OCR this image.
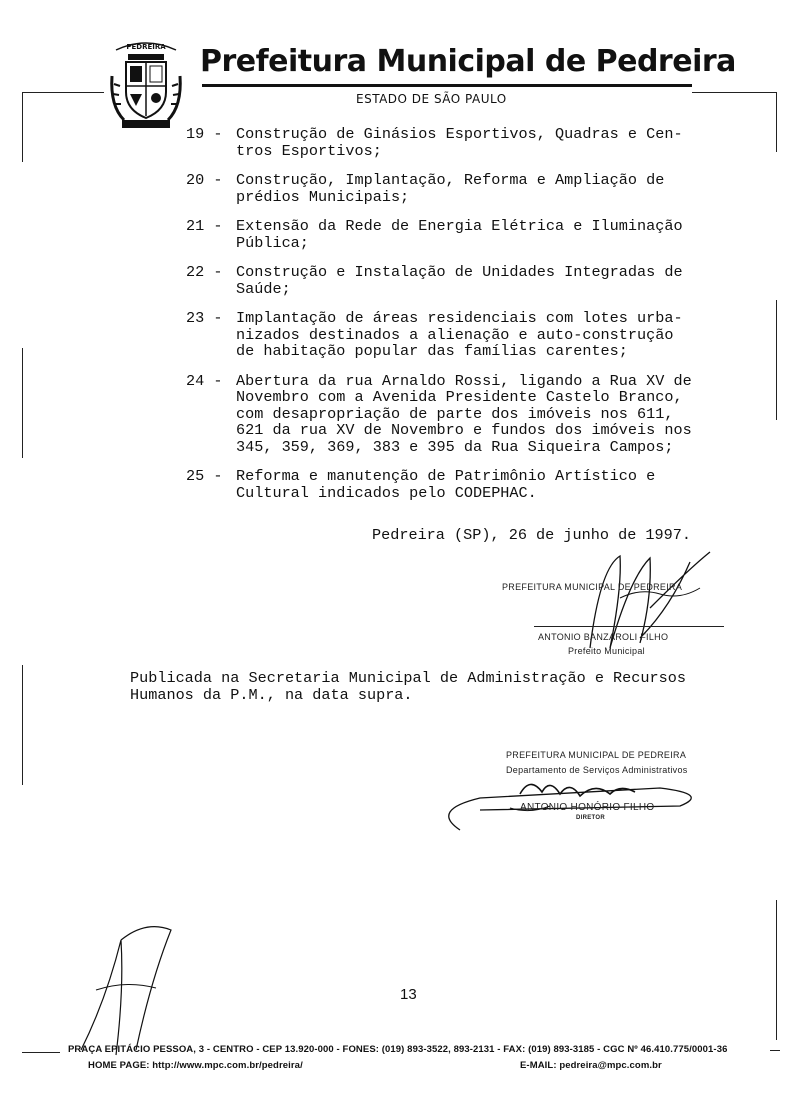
PEDREIRA Prefeitura Municipal de Pedreira
ESTADO DE SÃO PAULO
19 - Construção de Ginásios Esportivos, Quadras e Cen-
tros Esportivos;
20 - Construção, Implantação, Reforma e Ampliação de
prédios Municipais;
21 - Extensão da Rede de Energia Elétrica e Iluminação
Pública;
22 - Construção e Instalação de Unidades Integradas de
Saúde;
23 - Implantação de áreas residenciais com lotes urba-
nizados destinados a alienação e auto-construção
de habitação popular das famílias carentes;
24 - Abertura da rua Arnaldo Rossi, ligando a Rua XV de
Novembro com a Avenida Presidente Castelo Branco,
com desapropriação de parte dos imóveis nos 611,
621 da rua XV de Novembro e fundos dos imóveis nos
345, 359, 369, 383 e 395 da Rua Siqueira Campos;
25 - Reforma e manutenção de Patrimônio Artístico e
Cultural indicados pelo CODEPHAC.
Pedreira (SP), 26 de junho de 1997.
PREFEITURA MUNICIPAL DE PEDREIRA
ANTONIO BANZAROLI FILHO
Prefeito Municipal
Publicada na Secretaria Municipal de Administração e Recursos
Humanos da P.M., na data supra.
PREFEITURA MUNICIPAL DE PEDREIRA
Departamento de Serviços Administrativos
ANTONIO HONÓRIO FILHO
DIRETOR
13
PRAÇA EPITÁCIO PESSOA, 3 - CENTRO - CEP 13.920-000 - FONES: (019) 893-3522, 893-2131 - FAX: (019) 893-3185 - CGC Nº 46.410.775/0001-36
HOME PAGE: http://www.mpc.com.br/pedreira/	E-MAIL: pedreira@mpc.com.br
